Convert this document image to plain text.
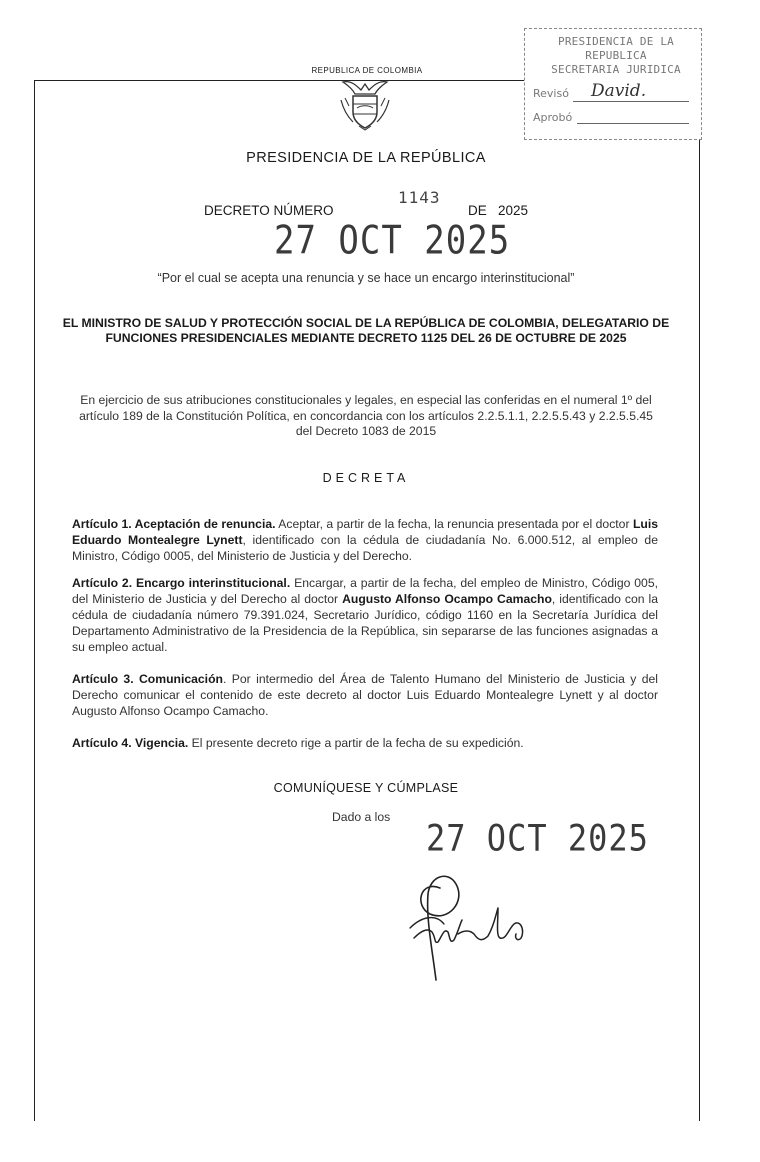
PRESIDENCIA DE LA REPUBLICA
SECRETARIA JURIDICA
Revisó David.
Aprobó
REPUBLICA DE COLOMBIA
PRESIDENCIA DE LA REPÚBLICA
DECRETO NÚMERO
1143
DE 2025
27 OCT 2025
“Por el cual se acepta una renuncia y se hace un encargo interinstitucional”
EL MINISTRO DE SALUD Y PROTECCIÓN SOCIAL DE LA REPÚBLICA DE COLOMBIA, DELEGATARIO DE FUNCIONES PRESIDENCIALES MEDIANTE DECRETO 1125 DEL 26 DE OCTUBRE DE 2025
En ejercicio de sus atribuciones constitucionales y legales, en especial las conferidas en el numeral 1º del artículo 189 de la Constitución Política, en concordancia con los artículos 2.2.5.1.1, 2.2.5.5.43 y 2.2.5.5.45 del Decreto 1083 de 2015
DECRETA
Artículo 1. Aceptación de renuncia. Aceptar, a partir de la fecha, la renuncia presentada por el doctor Luis Eduardo Montealegre Lynett, identificado con la cédula de ciudadanía No. 6.000.512, al empleo de Ministro, Código 0005, del Ministerio de Justicia y del Derecho.
Artículo 2. Encargo interinstitucional. Encargar, a partir de la fecha, del empleo de Ministro, Código 005, del Ministerio de Justicia y del Derecho al doctor Augusto Alfonso Ocampo Camacho, identificado con la cédula de ciudadanía número 79.391.024, Secretario Jurídico, código 1160 en la Secretaría Jurídica del Departamento Administrativo de la Presidencia de la República, sin separarse de las funciones asignadas a su empleo actual.
Artículo 3. Comunicación. Por intermedio del Área de Talento Humano del Ministerio de Justicia y del Derecho comunicar el contenido de este decreto al doctor Luis Eduardo Montealegre Lynett y al doctor Augusto Alfonso Ocampo Camacho.
Artículo 4. Vigencia. El presente decreto rige a partir de la fecha de su expedición.
COMUNÍQUESE Y CÚMPLASE
Dado a los 27 OCT 2025
